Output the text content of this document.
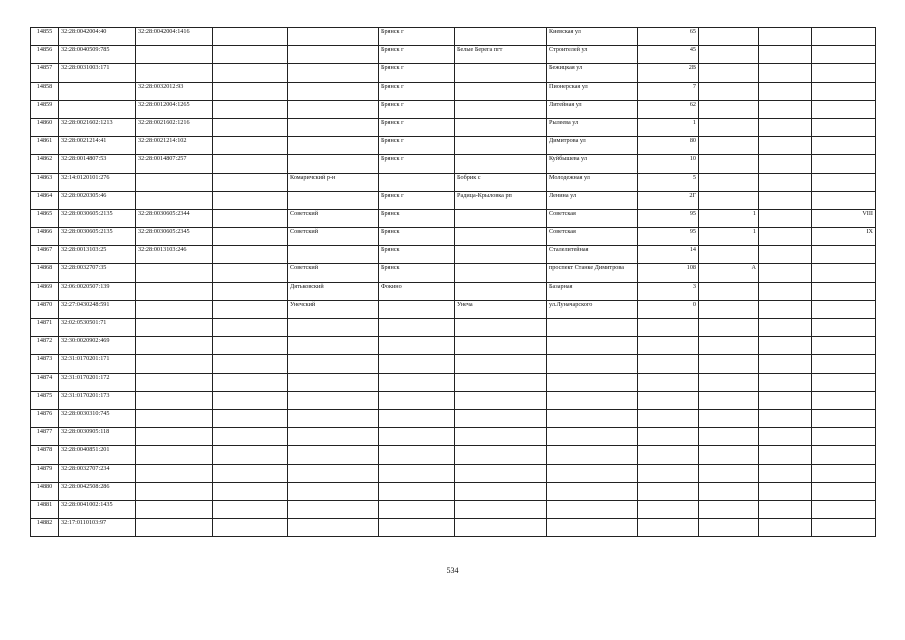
14855	32:28:0042004:40	32:28:0042004:1416			Брянск г		Киевская ул	65			
14856	32:28:0040509:785				Брянск г	Белые Берега пгт	Строителей ул	45			
14857	32:28:0031003:171				Брянск г		Бежицкая ул	2В			
14858		32:28:0032012:93			Брянск г		Пионерская ул	7			
14859		32:28:0012004:1265			Брянск г		Литейная ул	62			
14860	32:28:0021602:1213	32:28:0021602:1216			Брянск г		Рылеева ул	1			
14861	32:28:0021214:41	32:28:0021214:102			Брянск г		Димитрова ул	80			
14862	32:28:0014807:53	32:28:0014807:257			Брянск г		Куйбышева ул	10			
14863	32:14:0120101:276			Комаричский р-н		Бобрик с	Молодежная ул	5			
14864	32:28:0020305:46				Брянск г	Радица-Крыловка рп	Ленина ул	2Г			
14865	32:28:0030605:2135	32:28:0030605:2344		Советский	Брянск		Советская	95	1		VIII
14866	32:28:0030605:2135	32:28:0030605:2345		Советский	Брянск		Советская	95	1		IX
14867	32:28:0013103:25	32:28:0013103:246			Брянск		Сталелитейная	14			
14868	32:28:0032707:35			Советский	Брянск		проспект Станке Димитрова	108	А		
14869	32:06:0020507:139			Дятьковский	Фокино		Базарная	3			
14870	32:27:0430248:591			Унечский		Унеча	ул.Луначарского	0			
14871	32:02:0530501:71										
14872	32:30:0020902:469										
14873	32:31:0170201:171										
14874	32:31:0170201:172										
14875	32:31:0170201:173										
14876	32:28:0030310:745										
14877	32:28:0030905:118										
14878	32:28:0040851:201										
14879	32:28:0032707:234										
14880	32:28:0042508:286										
14881	32:28:0041002:1435										
14882	32:17:0110103:97										
534
